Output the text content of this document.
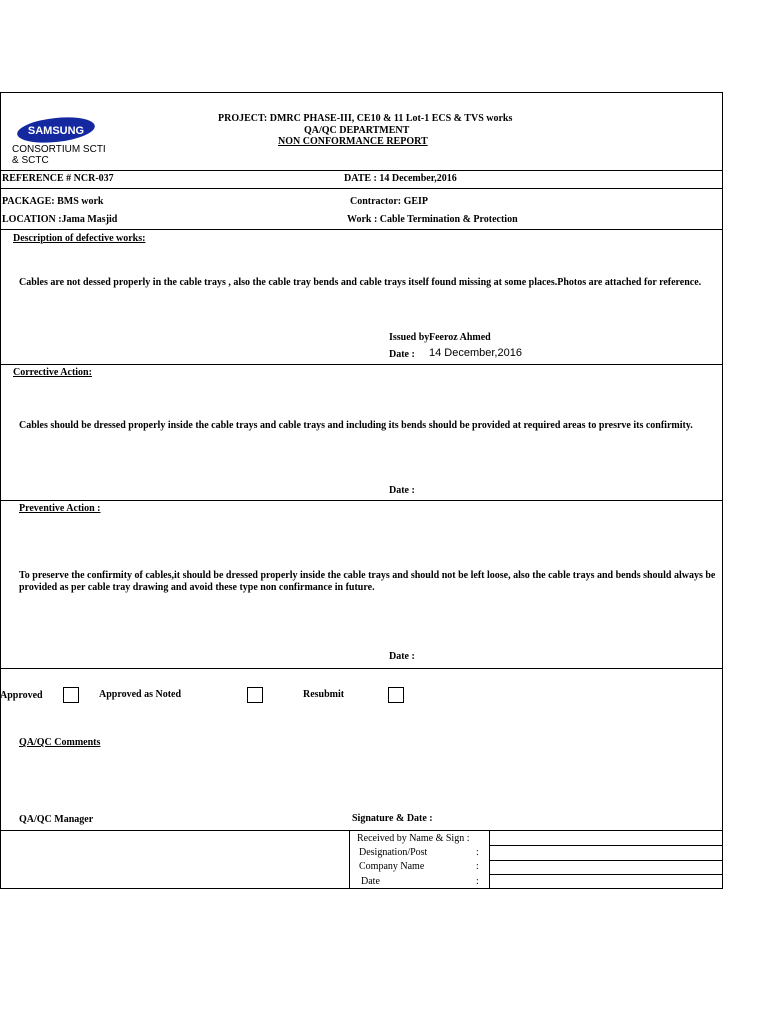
SAMSUNG
CONSORTIUM SCTI
& SCTC
PROJECT: DMRC PHASE-III, CE10 & 11 Lot-1 ECS & TVS works
QA/QC DEPARTMENT
NON CONFORMANCE REPORT
REFERENCE # NCR-037	DATE : 14 December,2016
PACKAGE: BMS work	Contractor: GEIP
LOCATION :Jama Masjid	Work : Cable Termination & Protection
Description of defective works:
Cables are not dessed properly in the cable trays , also the cable tray bends and cable trays itself found missing at some places.Photos are attached for reference.
Issued by:
Feeroz Ahmed
Date : 14 December,2016
Corrective Action:
Cables should be dressed properly inside the cable trays and cable trays and including its bends should be provided at required areas to presrve its confirmity.
Date :
Preventive Action :
To preserve the confirmity of cables,it should be dressed properly inside the cable trays and should not be left loose, also the cable trays and bends should always be provided as per cable tray drawing and avoid these type non confirmance in future.
Date :
Approved	Approved as Noted	Resubmit
QA/QC Comments
QA/QC Manager	Signature & Date :
Received by Name & Sign :
Designation/Post	:
Company Name	:
Date	:
